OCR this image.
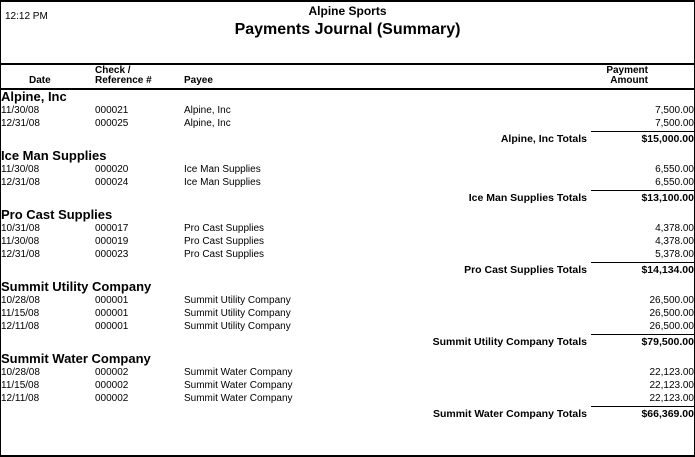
12:12 PM	Alpine Sports
Payments Journal (Summary)
Date
Check /
Reference #	Payee
Payment
Amount
Alpine, Inc			
11/30/08	000021	Alpine, Inc	7,500.00
12/31/08	000025	Alpine, Inc	7,500.00
Alpine, Inc Totals $15,000.00			

Ice Man Supplies			
11/30/08	000020	Ice Man Supplies	6,550.00
12/31/08	000024	Ice Man Supplies	6,550.00
Ice Man Supplies Totals $13,100.00			

Pro Cast Supplies			
10/31/08	000017	Pro Cast Supplies	4,378.00
11/30/08	000019	Pro Cast Supplies	4,378.00
12/31/08	000023	Pro Cast Supplies	5,378.00
Pro Cast Supplies Totals $14,134.00			

Summit Utility Company			
10/28/08	000001	Summit Utility Company	26,500.00
11/15/08	000001	Summit Utility Company	26,500.00
12/11/08	000001	Summit Utility Company	26,500.00
Summit Utility Company Totals $79,500.00			

Summit Water Company			
10/28/08	000002	Summit Water Company	22,123.00
11/15/08	000002	Summit Water Company	22,123.00
12/11/08	000002	Summit Water Company	22,123.00
Summit Water Company Totals $66,369.00			
